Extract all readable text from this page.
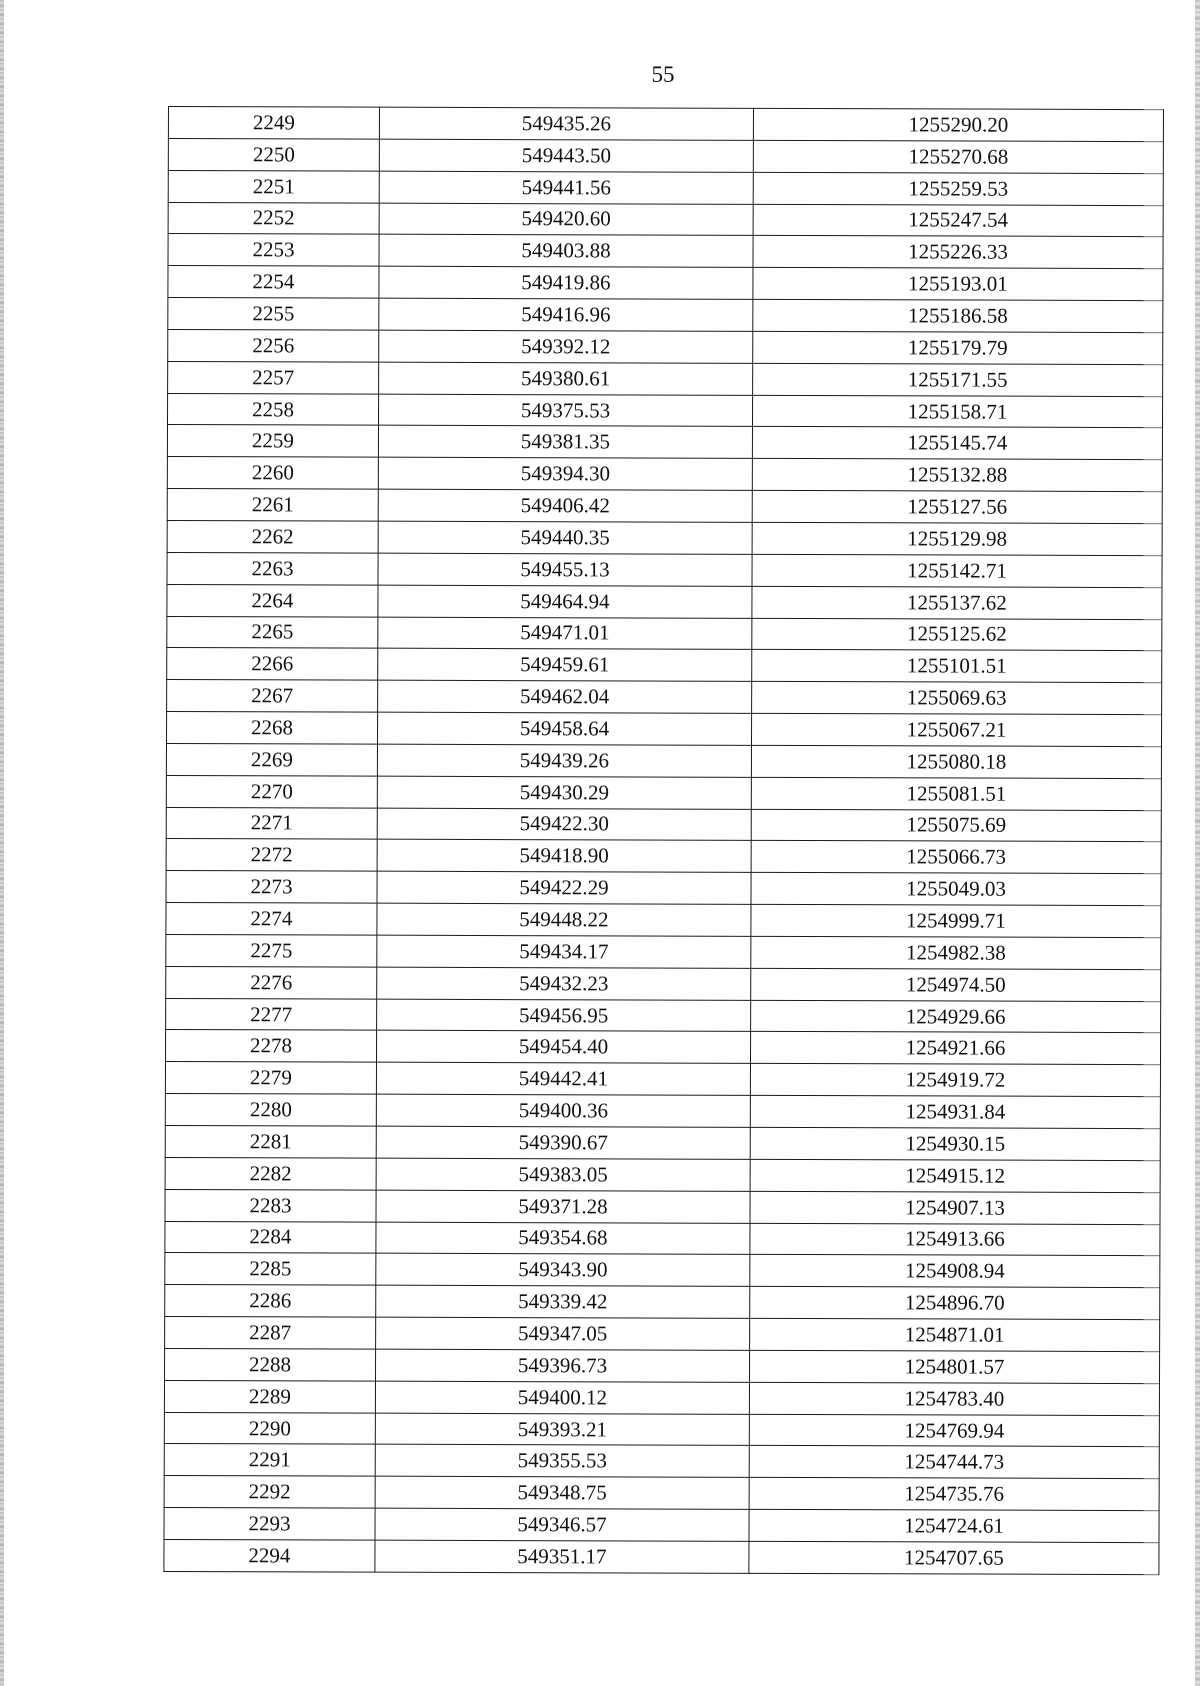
55
2249	549435.26	1255290.20
2250	549443.50	1255270.68
2251	549441.56	1255259.53
2252	549420.60	1255247.54
2253	549403.88	1255226.33
2254	549419.86	1255193.01
2255	549416.96	1255186.58
2256	549392.12	1255179.79
2257	549380.61	1255171.55
2258	549375.53	1255158.71
2259	549381.35	1255145.74
2260	549394.30	1255132.88
2261	549406.42	1255127.56
2262	549440.35	1255129.98
2263	549455.13	1255142.71
2264	549464.94	1255137.62
2265	549471.01	1255125.62
2266	549459.61	1255101.51
2267	549462.04	1255069.63
2268	549458.64	1255067.21
2269	549439.26	1255080.18
2270	549430.29	1255081.51
2271	549422.30	1255075.69
2272	549418.90	1255066.73
2273	549422.29	1255049.03
2274	549448.22	1254999.71
2275	549434.17	1254982.38
2276	549432.23	1254974.50
2277	549456.95	1254929.66
2278	549454.40	1254921.66
2279	549442.41	1254919.72
2280	549400.36	1254931.84
2281	549390.67	1254930.15
2282	549383.05	1254915.12
2283	549371.28	1254907.13
2284	549354.68	1254913.66
2285	549343.90	1254908.94
2286	549339.42	1254896.70
2287	549347.05	1254871.01
2288	549396.73	1254801.57
2289	549400.12	1254783.40
2290	549393.21	1254769.94
2291	549355.53	1254744.73
2292	549348.75	1254735.76
2293	549346.57	1254724.61
2294	549351.17	1254707.65
